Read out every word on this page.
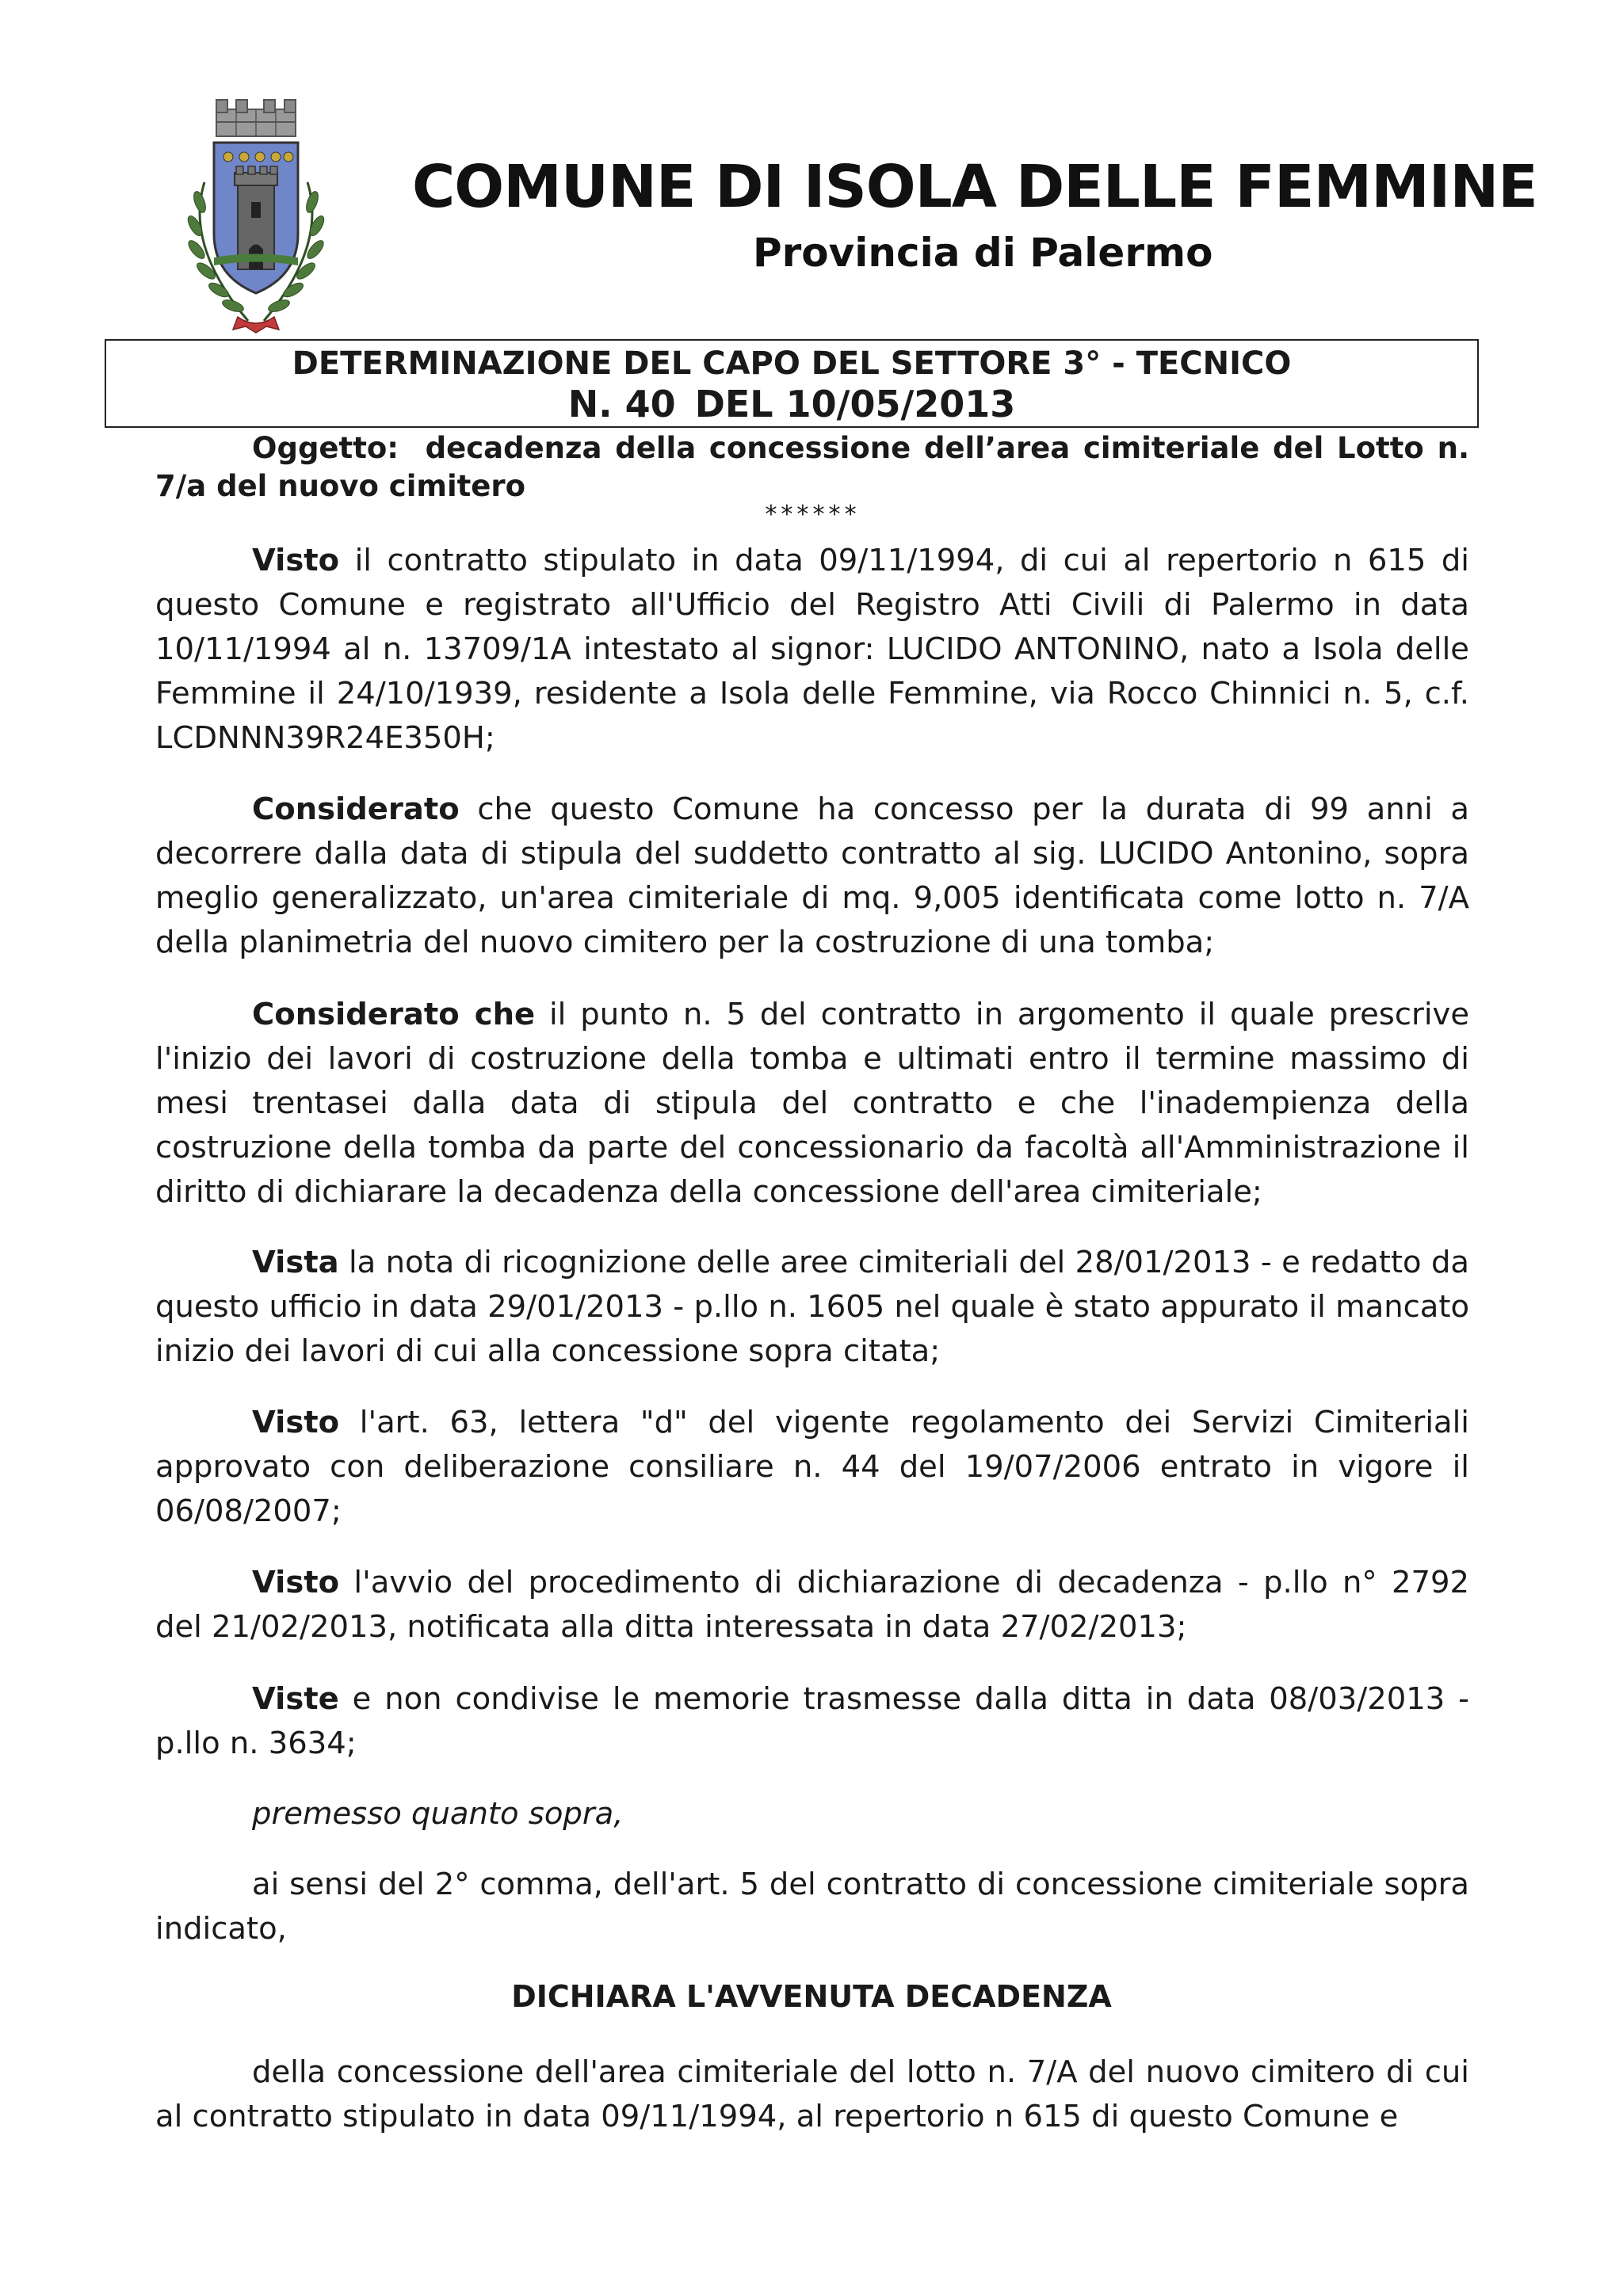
COMUNE DI ISOLA DELLE FEMMINE
Provincia di Palermo
DETERMINAZIONE DEL CAPO DEL SETTORE 3° - TECNICO
N. 40 DEL 10/05/2013
Oggetto: decadenza della concessione dell’area cimiteriale del Lotto n. 7/a del nuovo cimitero
******
Visto il contratto stipulato in data 09/11/1994, di cui al repertorio n 615 di questo Comune e registrato all'Ufficio del Registro Atti Civili di Palermo in data 10/11/1994 al n. 13709/1A intestato al signor: LUCIDO ANTONINO, nato a Isola delle Femmine il 24/10/1939, residente a Isola delle Femmine, via Rocco Chinnici n. 5, c.f. LCDNNN39R24E350H;
Considerato che questo Comune ha concesso per la durata di 99 anni a decorrere dalla data di stipula del suddetto contratto al sig. LUCIDO Antonino, sopra meglio generalizzato, un'area cimiteriale di mq. 9,005 identificata come lotto n. 7/A della planimetria del nuovo cimitero per la costruzione di una tomba;
Considerato che il punto n. 5 del contratto in argomento il quale prescrive l'inizio dei lavori di costruzione della tomba e ultimati entro il termine massimo di mesi trentasei dalla data di stipula del contratto e che l'inadempienza della costruzione della tomba da parte del concessionario da facoltà all'Amministrazione il diritto di dichiarare la decadenza della concessione dell'area cimiteriale;
Vista la nota di ricognizione delle aree cimiteriali del 28/01/2013 - e redatto da questo ufficio in data 29/01/2013 - p.llo n. 1605 nel quale è stato appurato il mancato inizio dei lavori di cui alla concessione sopra citata;
Visto l'art. 63, lettera "d" del vigente regolamento dei Servizi Cimiteriali approvato con deliberazione consiliare n. 44 del 19/07/2006 entrato in vigore il 06/08/2007;
Visto l'avvio del procedimento di dichiarazione di decadenza - p.llo n° 2792 del 21/02/2013, notificata alla ditta interessata in data 27/02/2013;
Viste e non condivise le memorie trasmesse dalla ditta in data 08/03/2013 - p.llo n. 3634;
premesso quanto sopra,
ai sensi del 2° comma, dell'art. 5 del contratto di concessione cimiteriale sopra indicato,
DICHIARA L'AVVENUTA DECADENZA
della concessione dell'area cimiteriale del lotto n. 7/A del nuovo cimitero di cui al contratto stipulato in data 09/11/1994, al repertorio n 615 di questo Comune e
